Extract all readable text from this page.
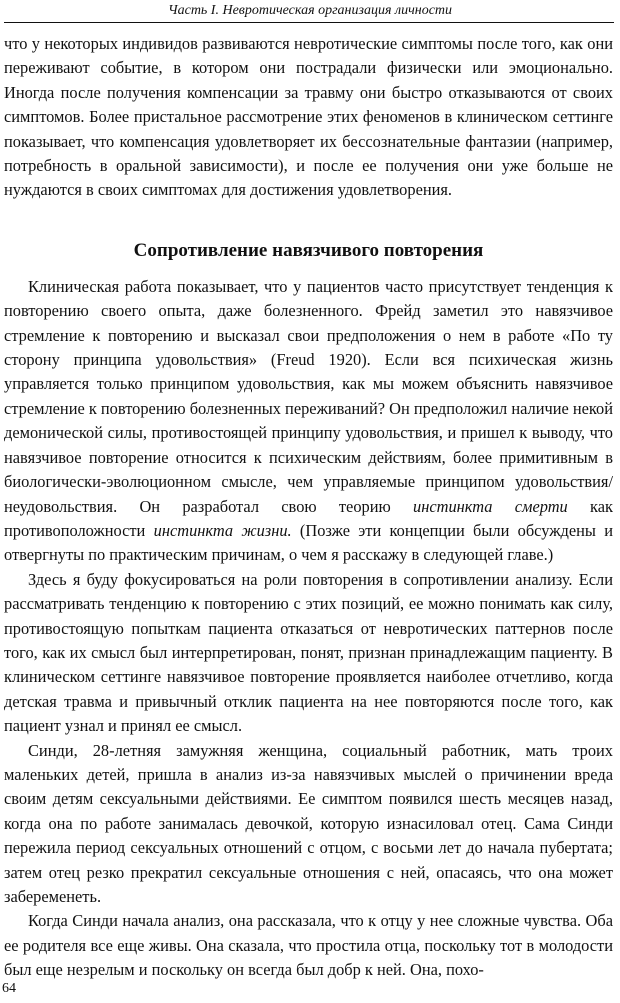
Часть I. Невротическая организация личности

что у некоторых индивидов развиваются невротические симптомы после того, как они переживают событие, в котором они пострадали физически или эмоционально. Иногда после получения компенсации за травму они быстро отказываются от своих симптомов. Более пристальное рассмотрение этих феноменов в клиническом сеттинге показывает, что компенсация удовлетворяет их бессознательные фантазии (например, потребность в оральной зависимости), и после ее получения они уже больше не нуждаются в своих симптомах для достижения удовлетворения.

Сопротивление навязчивого повторения

Клиническая работа показывает, что у пациентов часто присутствует тенденция к повторению своего опыта, даже болезненного. Фрейд заметил это навязчивое стремление к повторению и высказал свои предположения о нем в работе «По ту сторону принципа удовольствия» (Freud 1920). Если вся психическая жизнь управляется только принципом удовольствия, как мы можем объяснить навязчивое стремление к повторению болезненных переживаний? Он предположил наличие некой демонической силы, противостоящей принципу удовольствия, и пришел к выводу, что навязчивое повторение относится к психическим действиям, более примитивным в биологически-эволюционном смысле, чем управляемые принципом удовольствия/неудовольствия. Он разработал свою теорию инстинкта смерти как противоположности инстинкта жизни. (Позже эти концепции были обсуждены и отвергнуты по практическим причинам, о чем я расскажу в следующей главе.)

Здесь я буду фокусироваться на роли повторения в сопротивлении анализу. Если рассматривать тенденцию к повторению с этих позиций, ее можно понимать как силу, противостоящую попыткам пациента отказаться от невротических паттернов после того, как их смысл был интерпретирован, понят, признан принадлежащим пациенту. В клиническом сеттинге навязчивое повторение проявляется наиболее отчетливо, когда детская травма и привычный отклик пациента на нее повторяются после того, как пациент узнал и принял ее смысл.

Синди, 28-летняя замужняя женщина, социальный работник, мать троих маленьких детей, пришла в анализ из-за навязчивых мыслей о причинении вреда своим детям сексуальными действиями. Ее симптом появился шесть месяцев назад, когда она по работе занималась девочкой, которую изнасиловал отец. Сама Синди пережила период сексуальных отношений с отцом, с восьми лет до начала пубертата; затем отец резко прекратил сексуальные отношения с ней, опасаясь, что она может забеременеть.

Когда Синди начала анализ, она рассказала, что к отцу у нее сложные чувства. Оба ее родителя все еще живы. Она сказала, что простила отца, поскольку тот в молодости был еще незрелым и поскольку он всегда был добр к ней. Она, похо-

64
